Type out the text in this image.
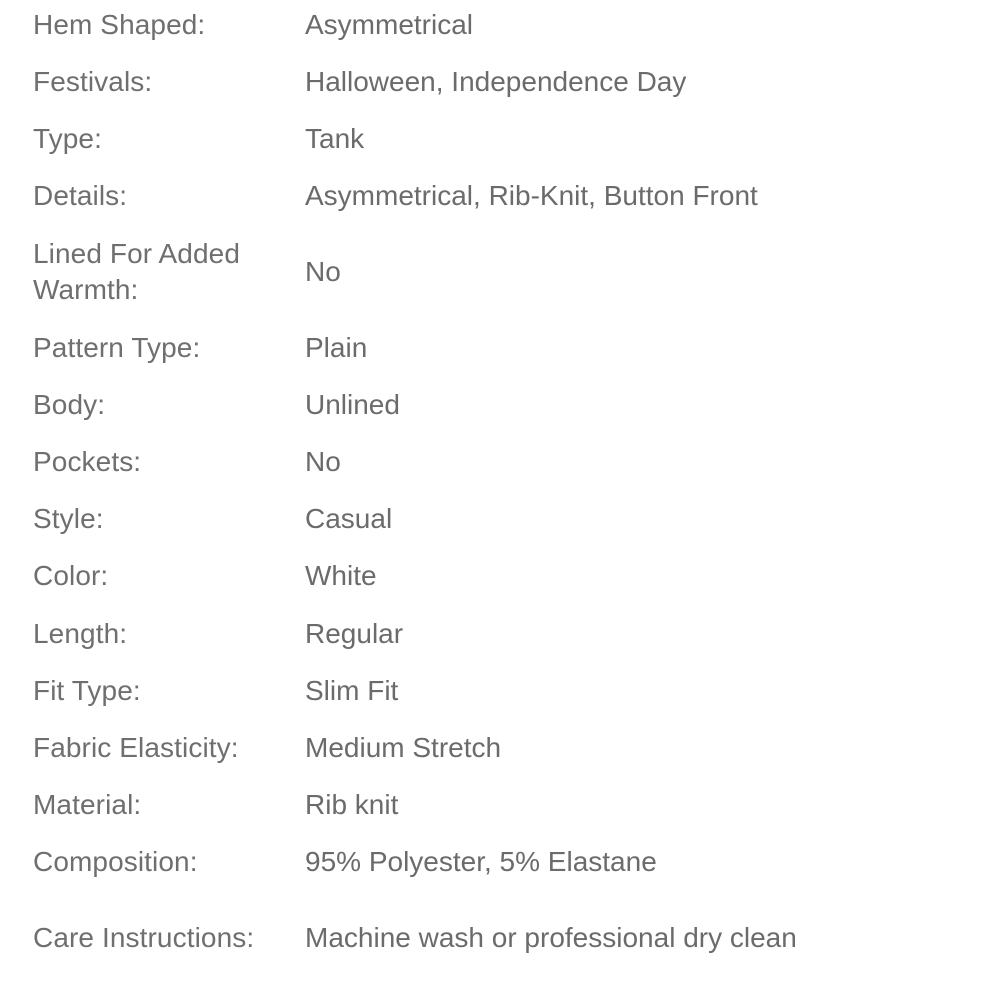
Hem Shaped:	Asymmetrical
Festivals:	Halloween, Independence Day
Type:	Tank
Details:	Asymmetrical, Rib-Knit, Button Front
Lined For Added Warmth:
No
Pattern Type:	Plain
Body:	Unlined
Pockets:	No
Style:	Casual
Color:	White
Length:	Regular
Fit Type:	Slim Fit
Fabric Elasticity:	Medium Stretch
Material:	Rib knit
Composition:	95% Polyester, 5% Elastane
Care Instructions:	Machine wash or professional dry clean
